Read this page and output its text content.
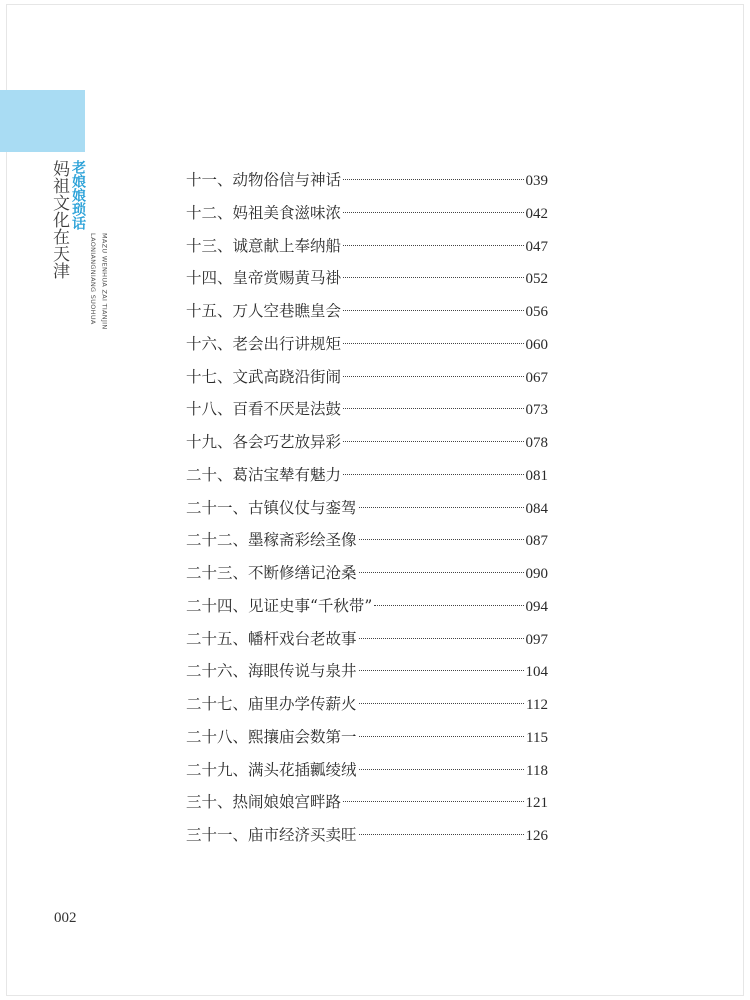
妈祖文化在天津 老娘娘琐话
LAONIANGNIANG SUOHUA MAZU WENHUA ZAI TIANJIN
十一、动物俗信与神话	039
十二、妈祖美食滋味浓	042
十三、诚意献上奉纳船	047
十四、皇帝赏赐黄马褂	052
十五、万人空巷瞧皇会	056
十六、老会出行讲规矩	060
十七、文武高跷沿街闹	067
十八、百看不厌是法鼓	073
十九、各会巧艺放异彩	078
二十、葛沽宝辇有魅力	081
二十一、古镇仪仗与銮驾	084
二十二、墨稼斋彩绘圣像	087
二十三、不断修缮记沧桑	090
二十四、见证史事“千秋带”	094
二十五、幡杆戏台老故事	097
二十六、海眼传说与泉井	104
二十七、庙里办学传薪火	112
二十八、熙攘庙会数第一	115
二十九、满头花插瓤绫绒	118
三十、热闹娘娘宫畔路	121
三十一、庙市经济买卖旺	126
002
